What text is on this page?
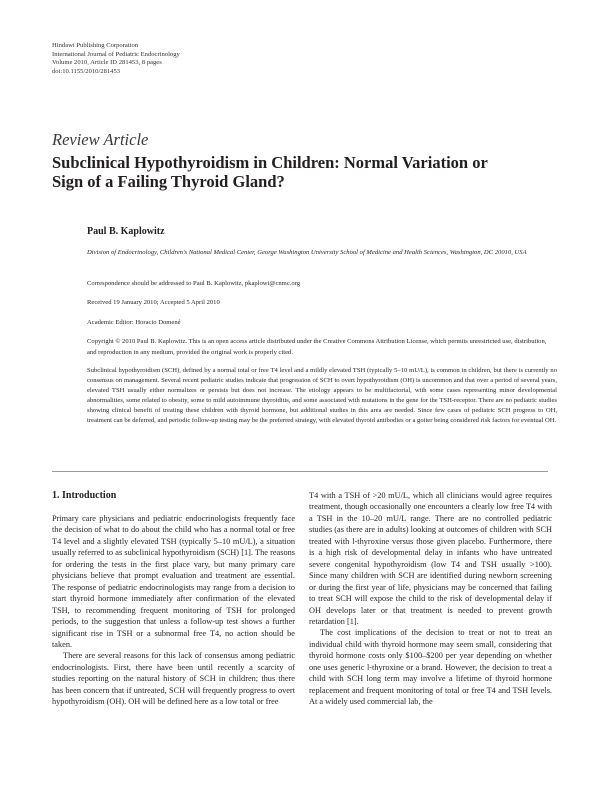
Hindawi Publishing Corporation
International Journal of Pediatric Endocrinology
Volume 2010, Article ID 281453, 8 pages
doi:10.1155/2010/281453
Review Article
Subclinical Hypothyroidism in Children: Normal Variation or
Sign of a Failing Thyroid Gland?
Paul B. Kaplowitz
Division of Endocrinology, Children's National Medical Center, George Washington University School of Medicine and Health Sciences, Washington, DC 20010, USA
Correspondence should be addressed to Paul B. Kaplowitz, pkaplowi@cnmc.org
Received 19 January 2010; Accepted 5 April 2010
Academic Editor: Horacio Domené
Copyright © 2010 Paul B. Kaplowitz. This is an open access article distributed under the Creative Commons Attribution License, which permits unrestricted use, distribution, and reproduction in any medium, provided the original work is properly cited.
Subclinical hypothyroidism (SCH), defined by a normal total or free T4 level and a mildly elevated TSH (typically 5–10 mU/L), is common in children, but there is currently no consensus on management. Several recent pediatric studies indicate that progression of SCH to overt hypothyroidism (OH) is uncommon and that over a period of several years, elevated TSH usually either normalizes or persists but does not increase. The etiology appears to be multifactorial, with some cases representing minor developmental abnormalities, some related to obesity, some to mild autoimmune thyroiditis, and some associated with mutations in the gene for the TSH-receptor. There are no pediatric studies showing clinical benefit of treating these children with thyroid hormone, but additional studies in this area are needed. Since few cases of pediatric SCH progress to OH, treatment can be deferred, and periodic follow-up testing may be the preferred strategy, with elevated thyroid antibodies or a goiter being considered risk factors for eventual OH.
1. Introduction

Primary care physicians and pediatric endocrinologists frequently face the decision of what to do about the child who has a normal total or free T4 level and a slightly elevated TSH (typically 5–10 mU/L), a situation usually referred to as subclinical hypothyroidism (SCH) [1]. The reasons for ordering the tests in the first place vary, but many primary care physicians believe that prompt evaluation and treatment are essential. The response of pediatric endocrinologists may range from a decision to start thyroid hormone immediately after confirmation of the elevated TSH, to recommending frequent monitoring of TSH for prolonged periods, to the suggestion that unless a follow-up test shows a further significant rise in TSH or a subnormal free T4, no action should be taken.

There are several reasons for this lack of consensus among pediatric endocrinologists. First, there have been until recently a scarcity of studies reporting on the natural history of SCH in children; thus there has been concern that if untreated, SCH will frequently progress to overt hypothyroidism (OH). OH will be defined here as a low total or free

T4 with a TSH of >20 mU/L, which all clinicians would agree requires treatment, though occasionally one encounters a clearly low free T4 with a TSH in the 10–20 mU/L range. There are no controlled pediatric studies (as there are in adults) looking at outcomes of children with SCH treated with l-thyroxine versus those given placebo. Furthermore, there is a high risk of developmental delay in infants who have untreated severe congenital hypothyroidism (low T4 and TSH usually >100). Since many children with SCH are identified during newborn screening or during the first year of life, physicians may be concerned that failing to treat SCH will expose the child to the risk of developmental delay if OH develops later or that treatment is needed to prevent growth retardation [1].

The cost implications of the decision to treat or not to treat an individual child with thyroid hormone may seem small, considering that thyroid hormone costs only $100–$200 per year depending on whether one uses generic l-thyroxine or a brand. However, the decision to treat a child with SCH long term may involve a lifetime of thyroid hormone replacement and frequent monitoring of total or free T4 and TSH levels. At a widely used commercial lab, the
